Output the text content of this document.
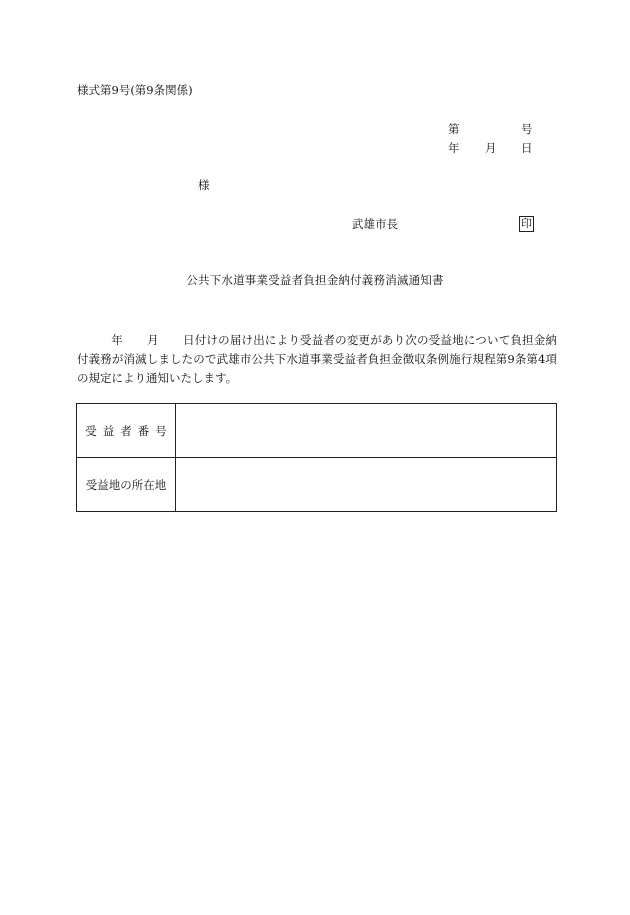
様式第9号(第9条関係)
第	号
年 月 日
様
武雄市長	印
公共下水道事業受益者負担金納付義務消滅通知書
年 月 日付けの届け出により受益者の変更があり次の受益地について負担金納付義務が消滅しましたので武雄市公共下水道事業受益者負担金徴収条例施行規程第9条第4項の規定により通知いたします。
受益者番号	
受益地の所在地	
